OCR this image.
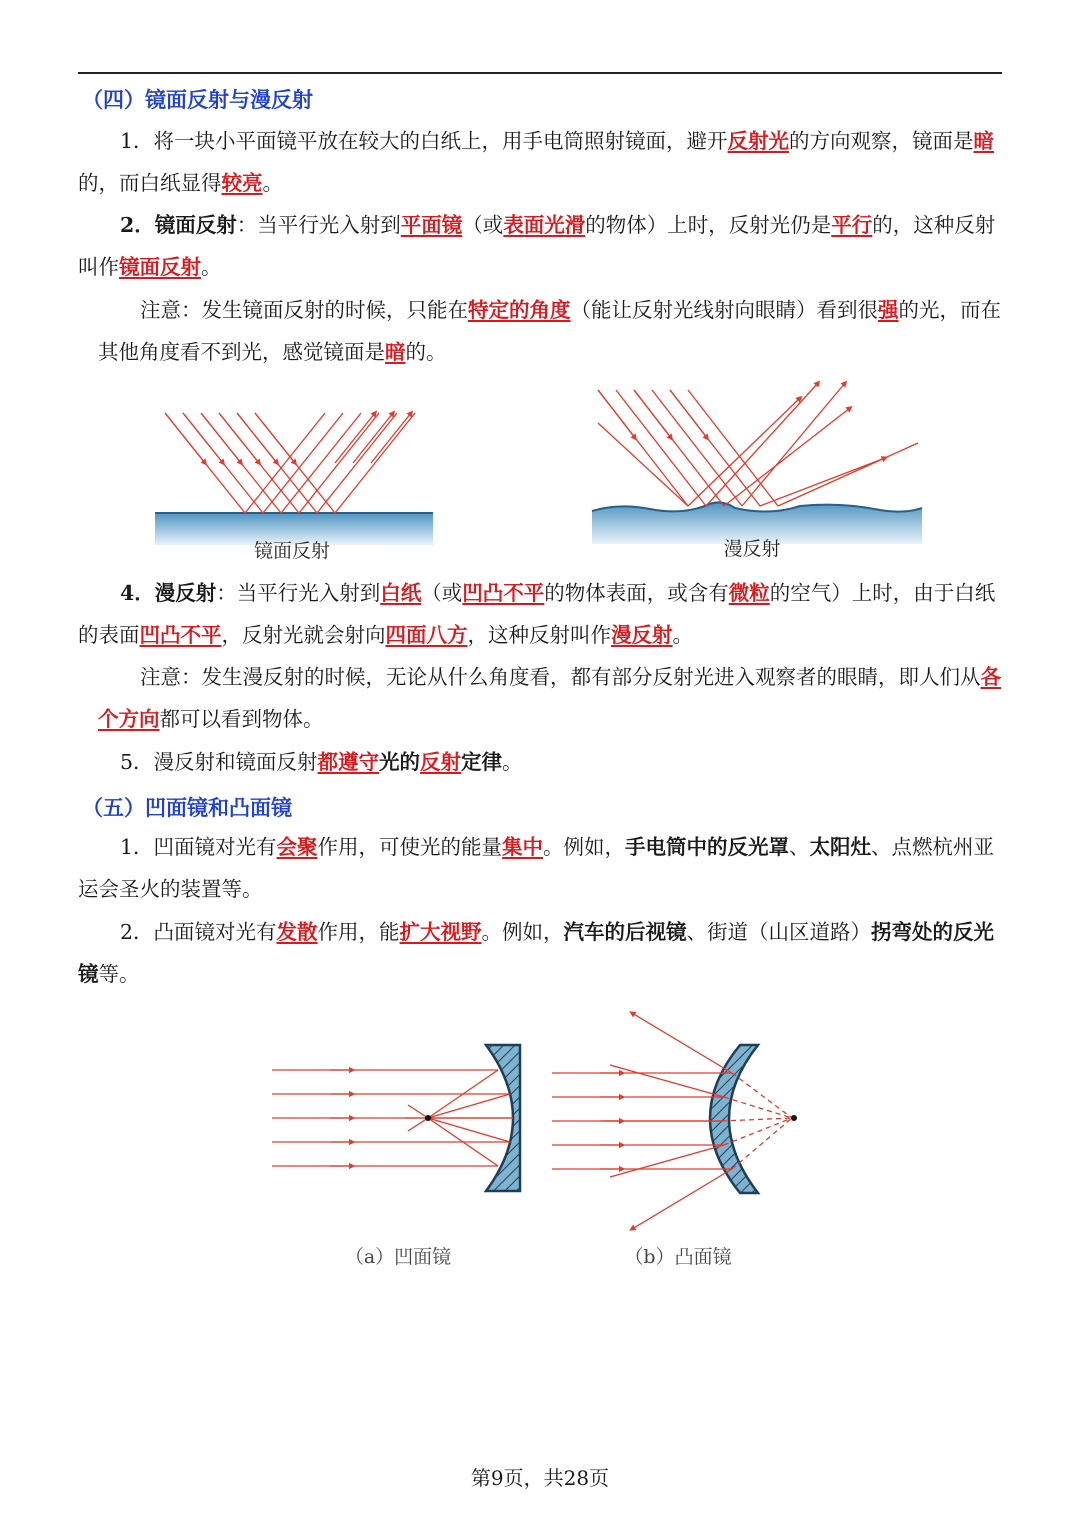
（四）镜面反射与漫反射
1．将一块小平面镜平放在较大的白纸上，用手电筒照射镜面，避开反射光的方向观察，镜面是暗的，而白纸显得较亮。
2．镜面反射：当平行光入射到平面镜（或表面光滑的物体）上时，反射光仍是平行的，这种反射叫作镜面反射。
注意：发生镜面反射的时候，只能在特定的角度（能让反射光线射向眼睛）看到很强的光，而在其他角度看不到光，感觉镜面是暗的。
镜面反射	漫反射
4．漫反射：当平行光入射到白纸（或凹凸不平的物体表面，或含有微粒的空气）上时，由于白纸的表面凹凸不平，反射光就会射向四面八方，这种反射叫作漫反射。
注意：发生漫反射的时候，无论从什么角度看，都有部分反射光进入观察者的眼睛，即人们从各个方向都可以看到物体。
5．漫反射和镜面反射都遵守光的反射定律。
（五）凹面镜和凸面镜
1．凹面镜对光有会聚作用，可使光的能量集中。例如，手电筒中的反光罩、太阳灶、点燃杭州亚运会圣火的装置等。
2．凸面镜对光有发散作用，能扩大视野。例如，汽车的后视镜、街道（山区道路）拐弯处的反光镜等。
（a）凹面镜	（b）凸面镜
第9页，共28页
